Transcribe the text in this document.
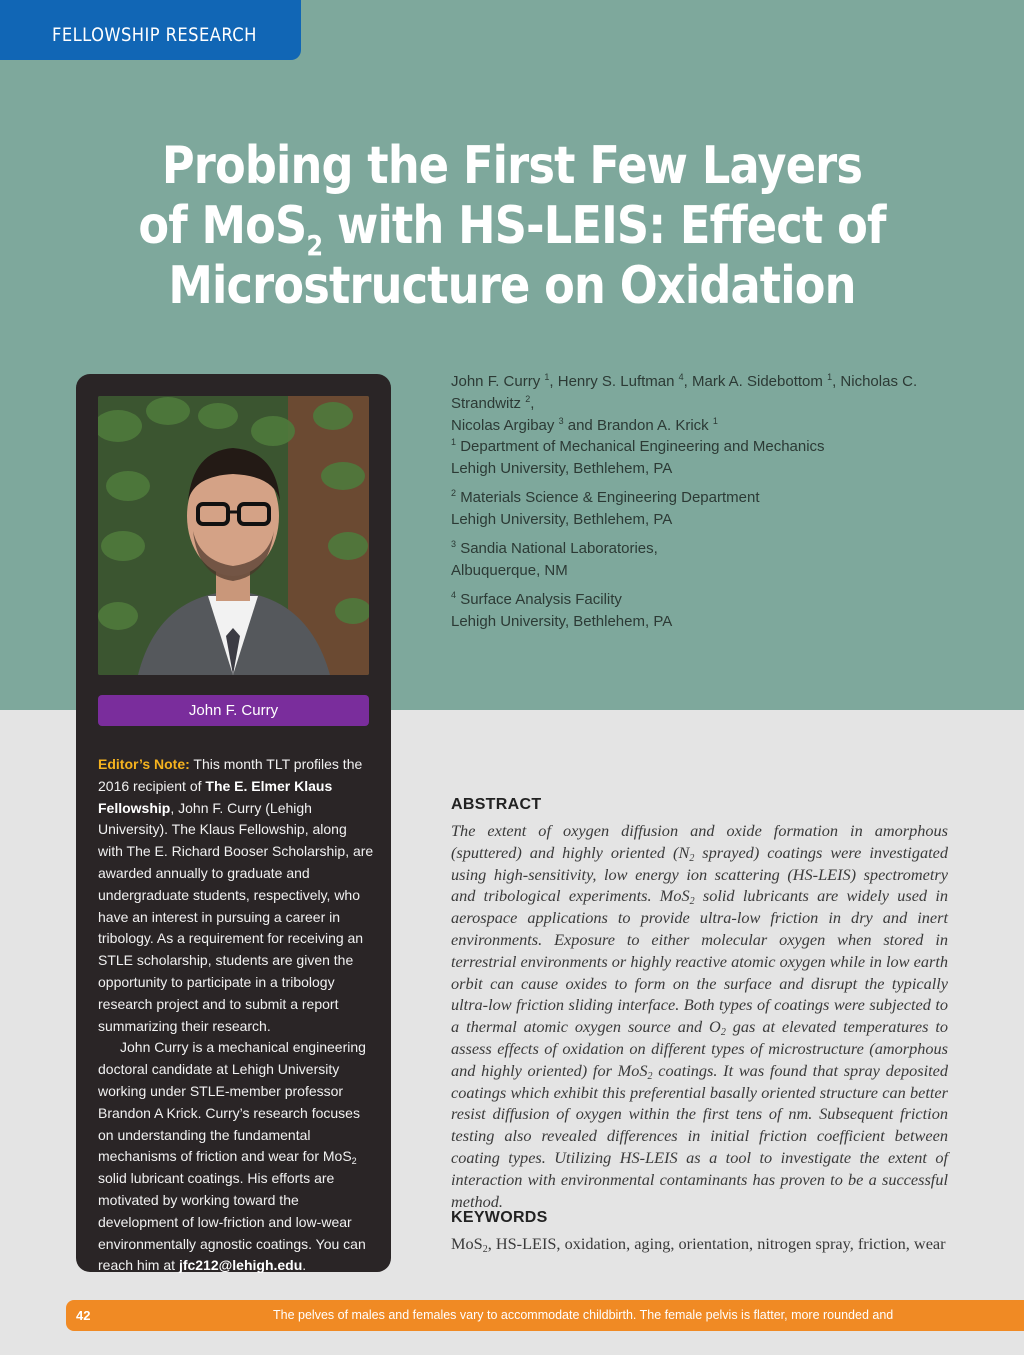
FELLOWSHIP RESEARCH
Probing the First Few Layers
of MoS$_2$ with HS-LEIS: Effect of
Microstructure on Oxidation
John F. Curry $^1$, Henry S. Luftman $^4$, Mark A. Sidebottom $^1$, Nicholas C. Strandwitz $^2$,
Nicolas Argibay $^3$ and Brandon A. Krick $^1$
$^1$ Department of Mechanical Engineering and Mechanics
Lehigh University, Bethlehem, PA
$^2$ Materials Science & Engineering Department
Lehigh University, Bethlehem, PA
$^3$ Sandia National Laboratories,
Albuquerque, NM
$^4$ Surface Analysis Facility
Lehigh University, Bethlehem, PA
John F. Curry
Editor’s Note: This month TLT profiles the 2016 recipient of The E. Elmer Klaus Fellowship, John F. Curry (Lehigh University). The Klaus Fellowship, along with The E. Richard Booser Scholarship, are awarded annually to graduate and undergraduate students, respectively, who have an interest in pursuing a career in tribology. As a requirement for receiving an STLE scholarship, students are given the opportunity to participate in a tribology research project and to submit a report summarizing their research.
John Curry is a mechanical engineering doctoral candidate at Lehigh University working under STLE-member professor Brandon A Krick. Curry’s research focuses on understanding the fundamental mechanisms of friction and wear for MoS$_2$ solid lubricant coatings. His efforts are motivated by working toward the development of low-friction and low-wear environmentally agnostic coatings. You can reach him at jfc212@lehigh.edu.
ABSTRACT

The extent of oxygen diffusion and oxide formation in amorphous (sputtered) and highly oriented ($N_2$ sprayed) coatings were investigated using high-sensitivity, low energy ion scattering (HS-LEIS) spectrometry and tribological experiments. MoS$_2$ solid lubricants are widely used in aerospace applications to provide ultra-low friction in dry and inert environments. Exposure to either molecular oxygen when stored in terrestrial environments or highly reactive atomic oxygen while in low earth orbit can cause oxides to form on the surface and disrupt the typically ultra-low friction sliding interface. Both types of coatings were subjected to a thermal atomic oxygen source and $O_2$ gas at elevated temperatures to assess effects of oxidation on different types of microstructure (amorphous and highly oriented) for MoS$_2$ coatings. It was found that spray deposited coatings which exhibit this preferential basally oriented structure can better resist diffusion of oxygen within the first tens of nm. Subsequent friction testing also revealed differences in initial friction coefficient between coating types. Utilizing HS-LEIS as a tool to investigate the extent of interaction with environmental contaminants has proven to be a successful method.

KEYWORDS

MoS$_2$, HS-LEIS, oxidation, aging, orientation, nitrogen spray, friction, wear

42	The pelves of males and females vary to accommodate childbirth. The female pelvis is flatter, more rounded and
